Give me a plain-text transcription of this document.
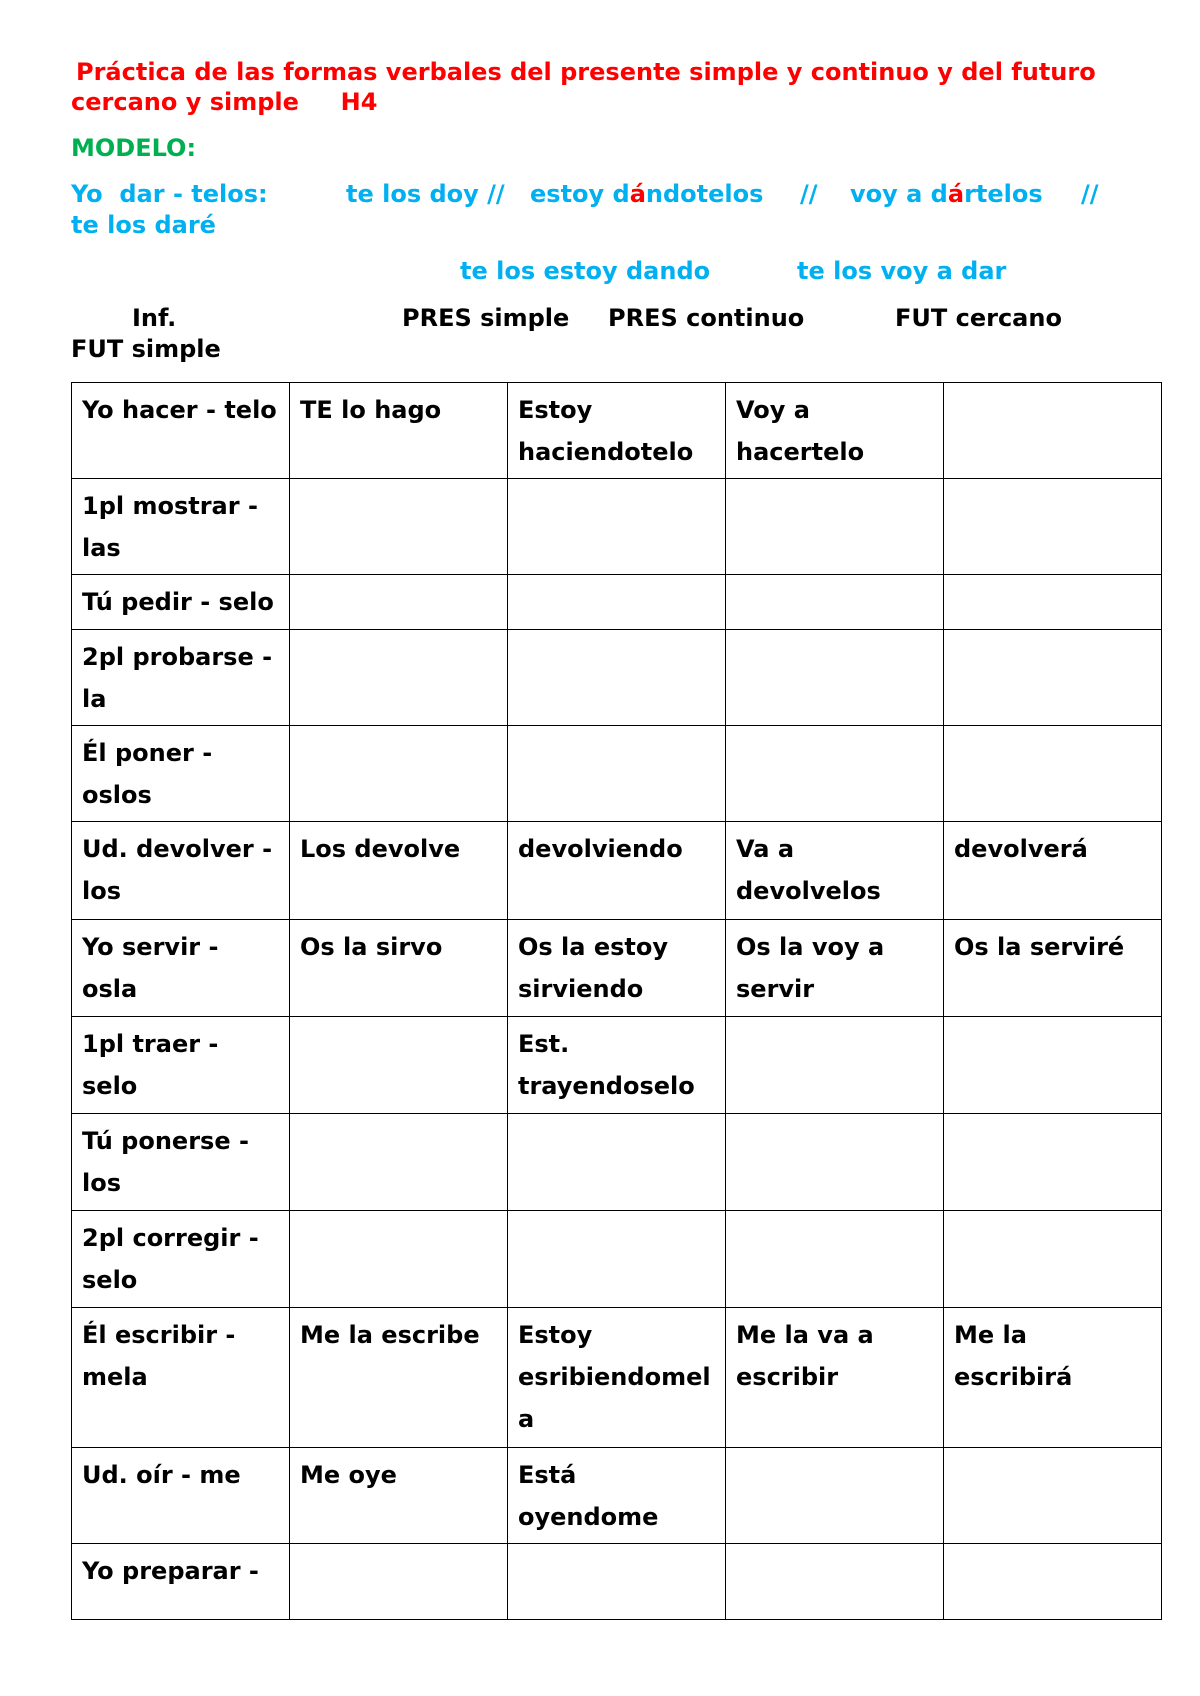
Práctica de las formas verbales del presente simple y continuo y del futuro
cercano y simple     H4
MODELO:
Yo  dar - telos:	te los doy // estoy dándotelos // voy a dártelos //
te los daré
te los estoy dando	te los voy a dar
Inf.	PRES simple PRES continuo	FUT cercano
FUT simple
Yo hacer - telo	TE lo hago	Estoy haciendotelo	Voy a hacertelo	
1pl mostrar - las				
Tú pedir - selo				
2pl probarse - la				
Él poner - oslos				
Ud. devolver - los	Los devolve	devolviendo	Va a devolvelos	devolverá
Yo servir - osla	Os la sirvo	Os la estoy sirviendo	Os la voy a servir	Os la serviré
1pl traer - selo		Est. trayendoselo		
Tú ponerse - los				
2pl corregir - selo				
Él escribir - mela	Me la escribe	Estoy esribiendomela	Me la va a escribir	Me la escribirá
Ud. oír - me	Me oye	Está oyendome		
Yo preparar -				
